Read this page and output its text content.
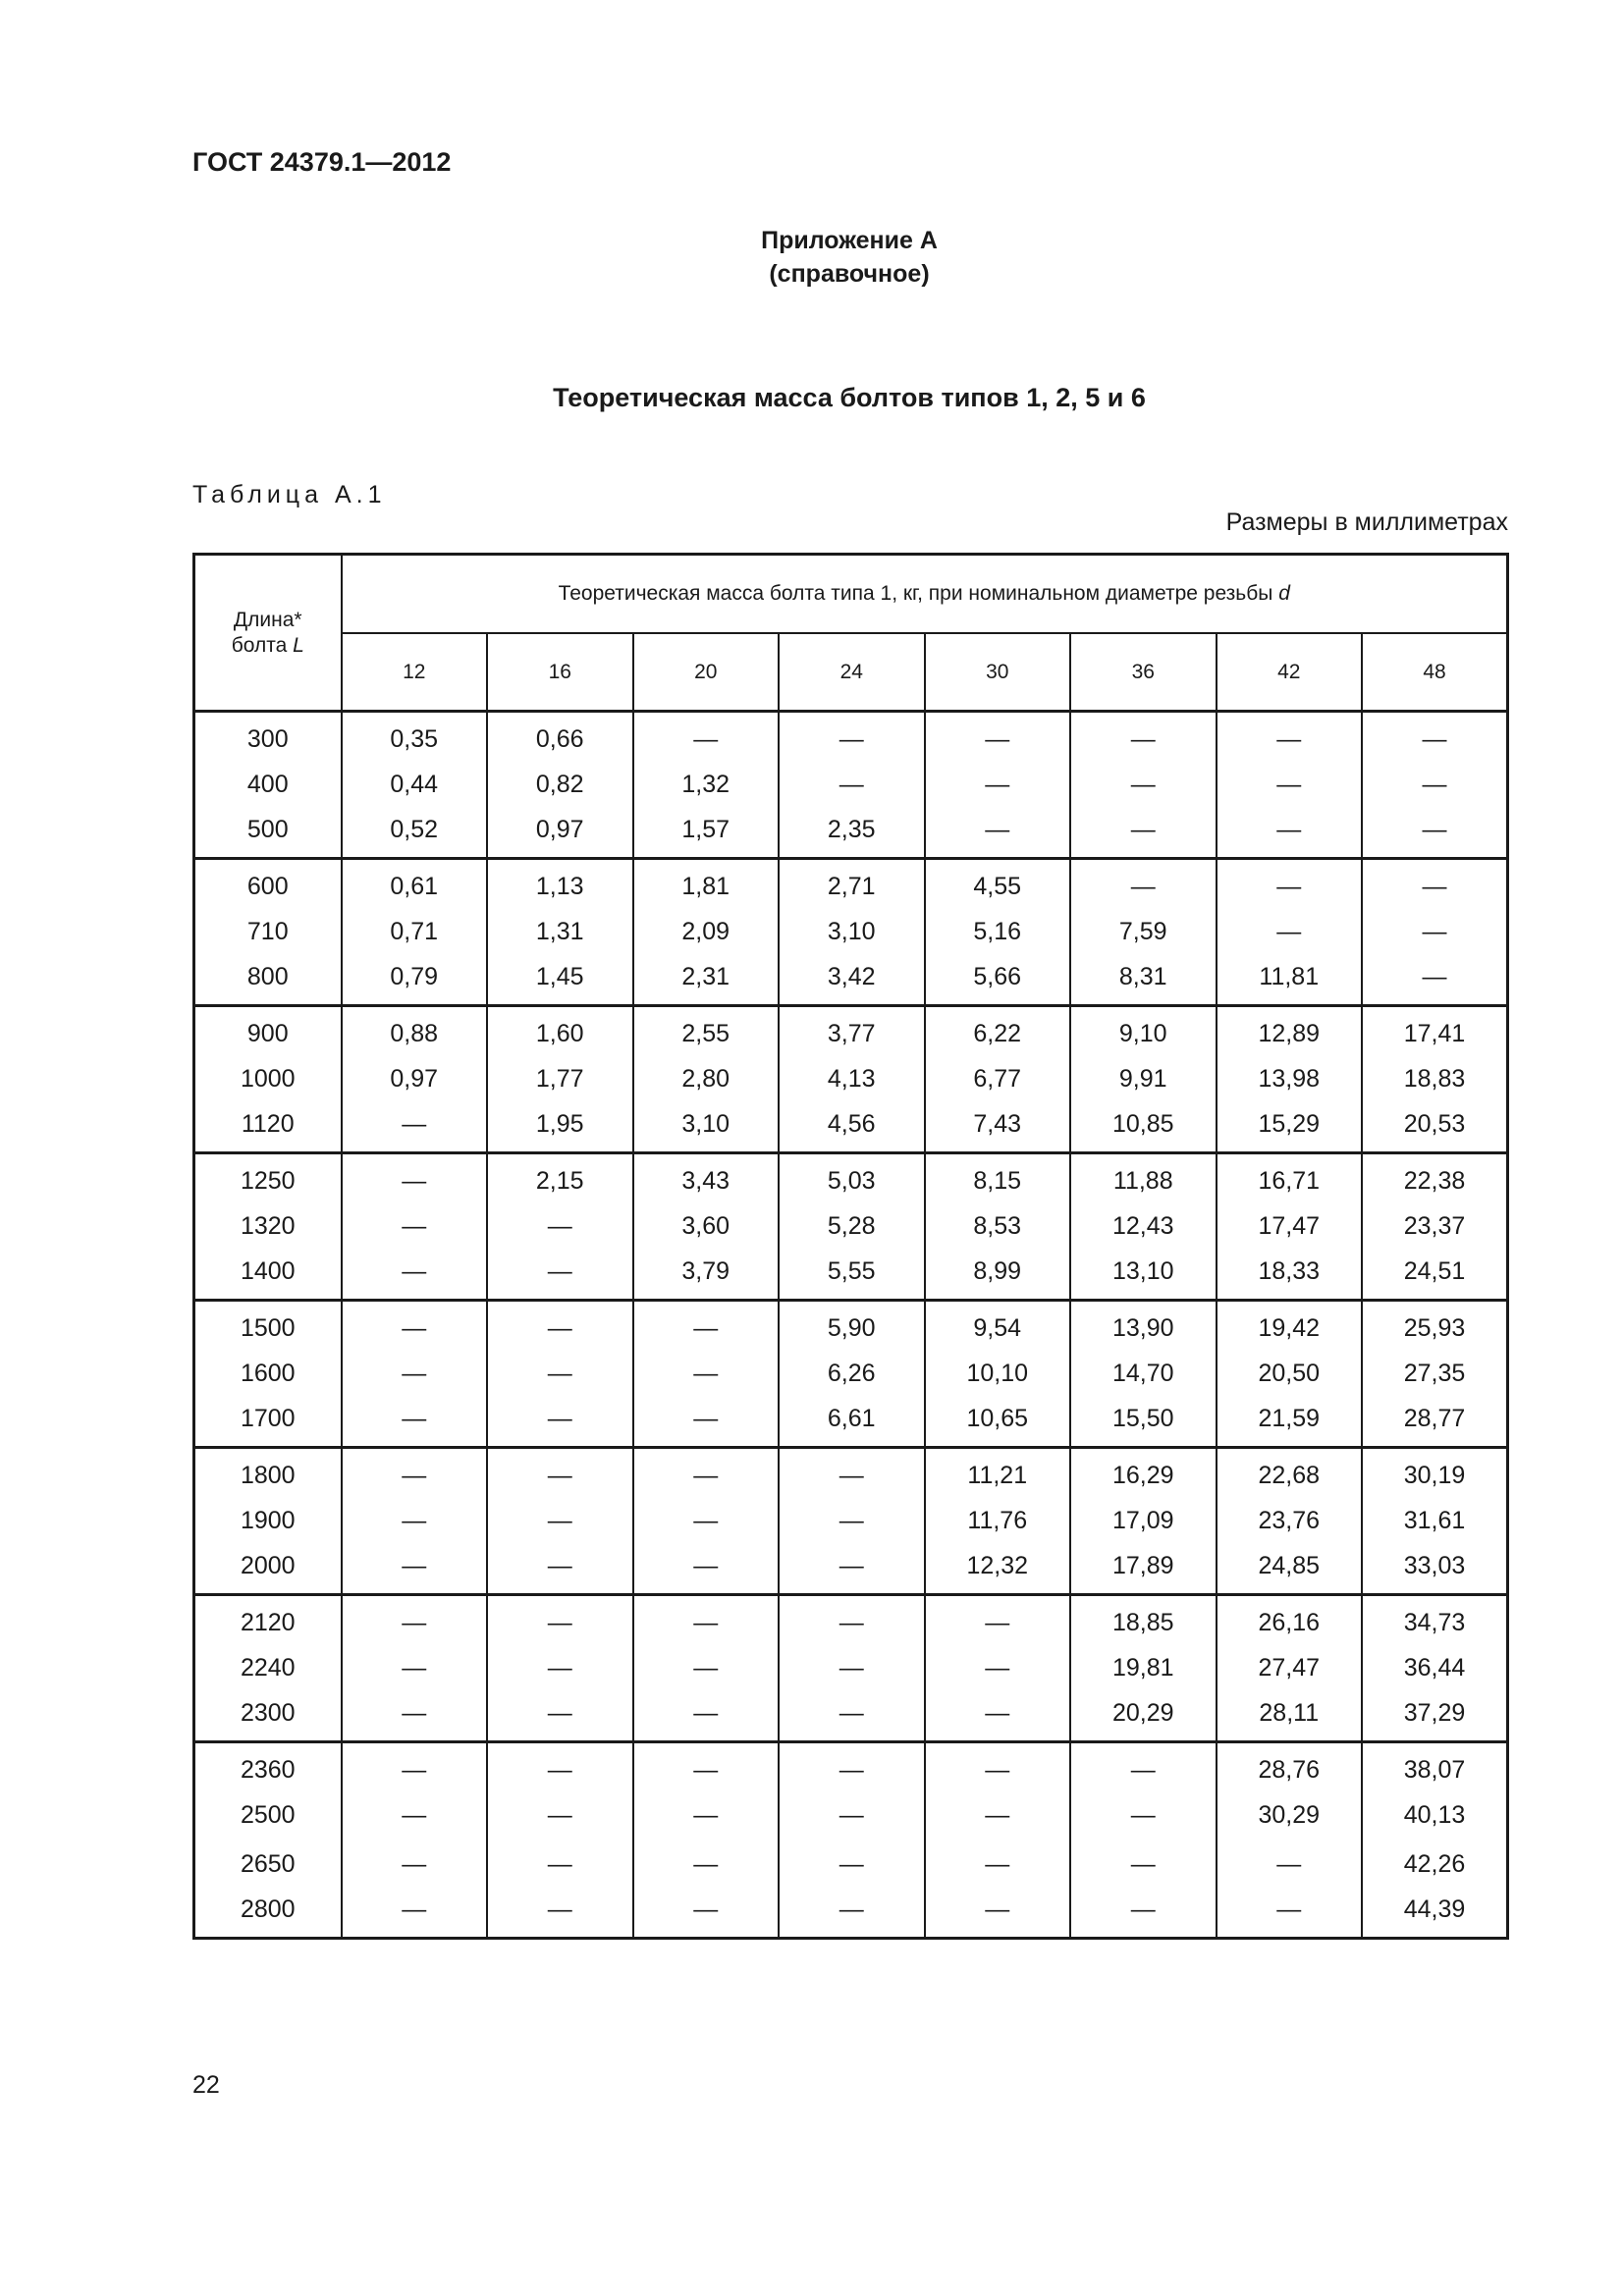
ГОСТ 24379.1—2012
Приложение А
(справочное)
Теоретическая масса болтов типов 1, 2, 5 и 6
Таблица А.1
Размеры в миллиметрах
Длина*
болта L	Теоретическая масса болта типа 1, кг, при номинальном диаметре резьбы d							
	12	16	20	24	30	36	42	48
300	0,35	0,66	—	—	—	—	—	—
400	0,44	0,82	1,32	—	—	—	—	—
500	0,52	0,97	1,57	2,35	—	—	—	—
600	0,61	1,13	1,81	2,71	4,55	—	—	—
710	0,71	1,31	2,09	3,10	5,16	7,59	—	—
800	0,79	1,45	2,31	3,42	5,66	8,31	11,81	—
900	0,88	1,60	2,55	3,77	6,22	9,10	12,89	17,41
1000	0,97	1,77	2,80	4,13	6,77	9,91	13,98	18,83
1120	—	1,95	3,10	4,56	7,43	10,85	15,29	20,53
1250	—	2,15	3,43	5,03	8,15	11,88	16,71	22,38
1320	—	—	3,60	5,28	8,53	12,43	17,47	23,37
1400	—	—	3,79	5,55	8,99	13,10	18,33	24,51
1500	—	—	—	5,90	9,54	13,90	19,42	25,93
1600	—	—	—	6,26	10,10	14,70	20,50	27,35
1700	—	—	—	6,61	10,65	15,50	21,59	28,77
1800	—	—	—	—	11,21	16,29	22,68	30,19
1900	—	—	—	—	11,76	17,09	23,76	31,61
2000	—	—	—	—	12,32	17,89	24,85	33,03
2120	—	—	—	—	—	18,85	26,16	34,73
2240	—	—	—	—	—	19,81	27,47	36,44
2300	—	—	—	—	—	20,29	28,11	37,29
2360	—	—	—	—	—	—	28,76	38,07
2500	—	—	—	—	—	—	30,29	40,13
2650	—	—	—	—	—	—	—	42,26
2800	—	—	—	—	—	—	—	44,39
22
